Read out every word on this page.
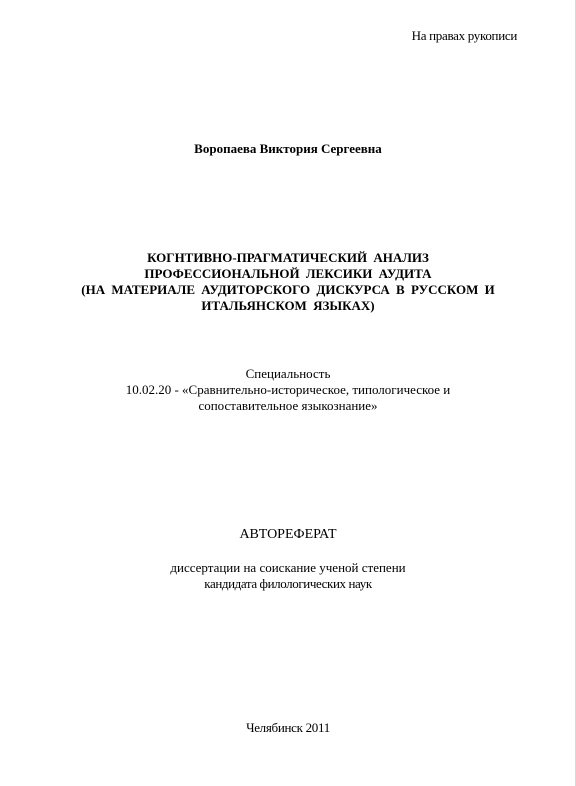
На правах рукописи
Воропаева Виктория Сергеевна
КОГНТИВНО-ПРАГМАТИЧЕСКИЙ АНАЛИЗ
ПРОФЕССИОНАЛЬНОЙ ЛЕКСИКИ АУДИТА
(НА МАТЕРИАЛЕ АУДИТОРСКОГО ДИСКУРСА В РУССКОМ И
ИТАЛЬЯНСКОМ ЯЗЫКАХ)
Специальность
10.02.20 - «Сравнительно-историческое, типологическое и
сопоставительное языкознание»
АВТОРЕФЕРАТ
диссертации на соискание ученой степени
кандидата филологических наук
Челябинск 2011
